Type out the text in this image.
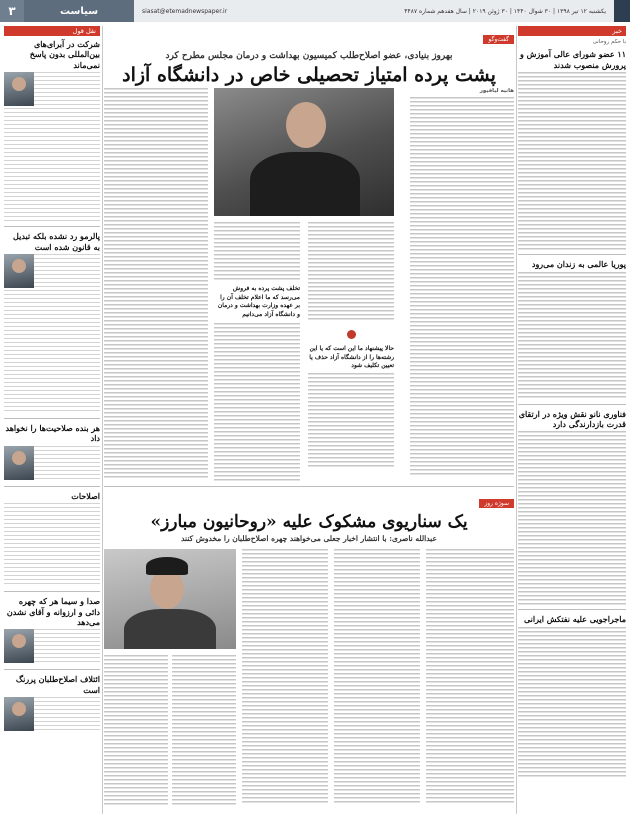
۳	سیاست	siasat@etemadnewspaper.ir	یکشنبه ۱۲ تیر ۱۳۹۸ | ۳۰ شوال ۱۴۴۰ | ۳۰ ژوئن ۲۰۱۹ | سال هفدهم شماره ۴۴۸۷
خبر
با حکم روحانی
۱۱ عضو شورای عالی آموزش و پرورش منصوب شدند
پوریا عالمی به زندان می‌رود
فناوری نانو نقش ویژه در ارتقای قدرت بازدارندگی دارد
ماجراجویی علیه نفتکش ایرانی
نقل قول
شرکت در آبرای‌های بین‌المللی بدون پاسخ نمی‌ماند
پالرمو رد نشده بلکه تبدیل به قانون شده است
هر بنده صلاحیت‌ها را نخواهد داد
اصلاحات
صدا و سیما هر که چهره دائی و ارزوانه و آقای نشدن می‌دهد
ائتلاف اصلاح‌طلبان پررنگ است
گفت‌وگو
بهروز بنیادی، عضو اصلاح‌طلب کمیسیون بهداشت و درمان مجلس مطرح کرد
پشت پرده امتیاز تحصیلی خاص در دانشگاه آزاد
هانیه لیافیور
تخلف پشت پرده به فروش می‌رسد که ما اعلام تخلف آن را بر عهده وزارت بهداشت و درمان و دانشگاه آزاد می‌دانیم
حالا پیشنهاد ما این است که یا این رشته‌ها را از دانشگاه آزاد حذف یا تعیین تکلیف شود
سوژه روز
یک سناریوی مشکوک علیه «روحانیون مبارز»
عبدالله ناصری: با انتشار اخبار جعلی می‌خواهند چهره اصلاح‌طلبان را مخدوش کنند
